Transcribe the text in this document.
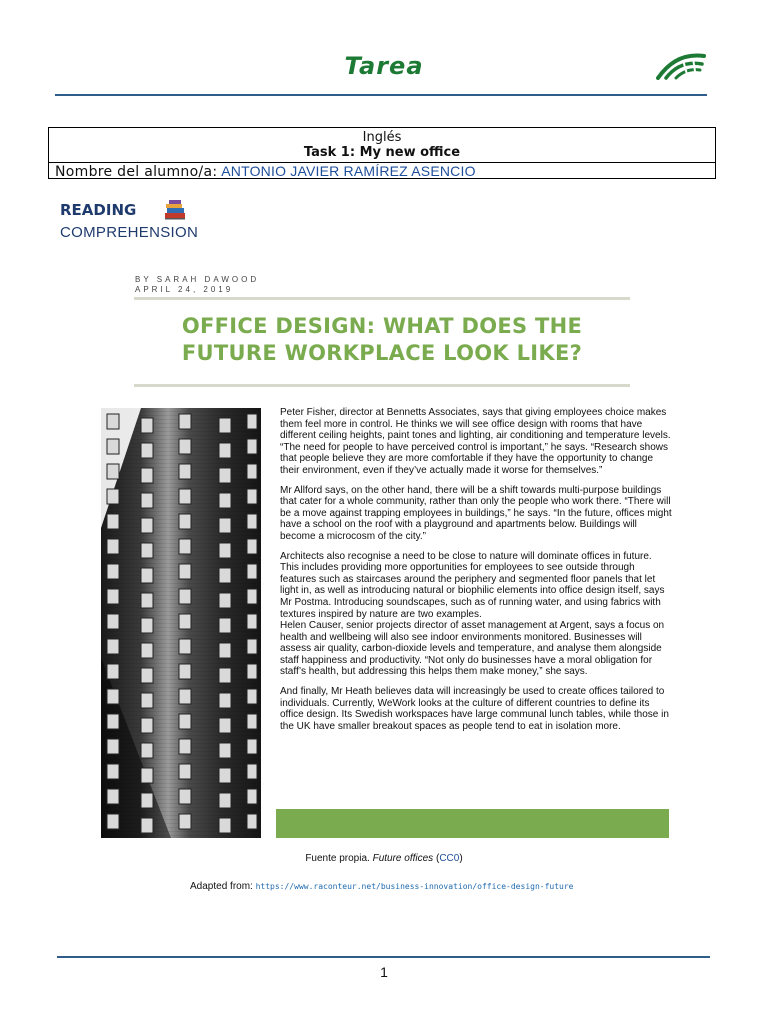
Tarea
Inglés
Task 1: My new office
Nombre del alumno/a: ANTONIO JAVIER RAMÍREZ ASENCIO
READING
COMPREHENSION
BY SARAH DAWOOD
APRIL 24, 2019
OFFICE DESIGN: WHAT DOES THE
FUTURE WORKPLACE LOOK LIKE?

Peter Fisher, director at Bennetts Associates, says that giving employees choice makes them feel more in control. He thinks we will see office design with rooms that have different ceiling heights, paint tones and lighting, air conditioning and temperature levels. “The need for people to have perceived control is important,” he says. “Research shows that people believe they are more comfortable if they have the opportunity to change their environment, even if they’ve actually made it worse for themselves.”

Mr Allford says, on the other hand, there will be a shift towards multi-purpose buildings that cater for a whole community, rather than only the people who work there. “There will be a move against trapping employees in buildings,” he says. “In the future, offices might have a school on the roof with a playground and apartments below. Buildings will become a microcosm of the city.”

Architects also recognise a need to be close to nature will dominate offices in future. This includes providing more opportunities for employees to see outside through features such as staircases around the periphery and segmented floor panels that let light in, as well as introducing natural or biophilic elements into office design itself, says Mr Postma. Introducing soundscapes, such as of running water, and using fabrics with textures inspired by nature are two examples.

Helen Causer, senior projects director of asset management at Argent, says a focus on health and wellbeing will also see indoor environments monitored. Businesses will assess air quality, carbon-dioxide levels and temperature, and analyse them alongside staff happiness and productivity. “Not only do businesses have a moral obligation for staff’s health, but addressing this helps them make money,” she says.

And finally, Mr Heath believes data will increasingly be used to create offices tailored to individuals. Currently, WeWork looks at the culture of different countries to define its office design. Its Swedish workspaces have large communal lunch tables, while those in the UK have smaller breakout spaces as people tend to eat in isolation more.

Fuente propia. Future offices (CC0)
Adapted from: https://www.raconteur.net/business-innovation/office-design-future
1
